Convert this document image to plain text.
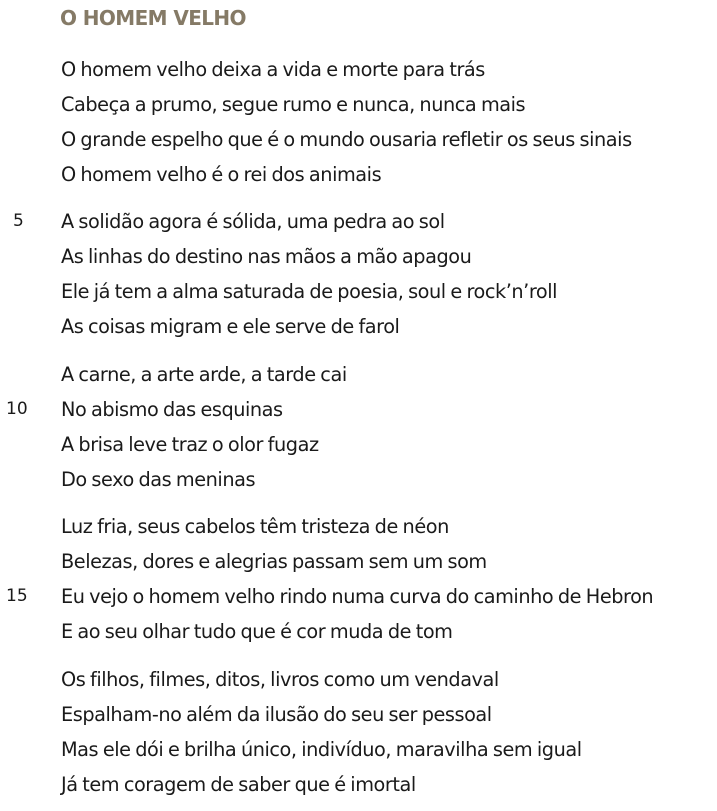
O HOMEM VELHO
O homem velho deixa a vida e morte para trás
Cabeça a prumo, segue rumo e nunca, nunca mais
O grande espelho que é o mundo ousaria refletir os seus sinais
O homem velho é o rei dos animais
5 A solidão agora é sólida, uma pedra ao sol
As linhas do destino nas mãos a mão apagou
Ele já tem a alma saturada de poesia, soul e rock’n’roll
As coisas migram e ele serve de farol
A carne, a arte arde, a tarde cai
10 No abismo das esquinas
A brisa leve traz o olor fugaz
Do sexo das meninas
Luz fria, seus cabelos têm tristeza de néon
Belezas, dores e alegrias passam sem um som
15 Eu vejo o homem velho rindo numa curva do caminho de Hebron
E ao seu olhar tudo que é cor muda de tom
Os filhos, filmes, ditos, livros como um vendaval
Espalham-no além da ilusão do seu ser pessoal
Mas ele dói e brilha único, indivíduo, maravilha sem igual
Já tem coragem de saber que é imortal
